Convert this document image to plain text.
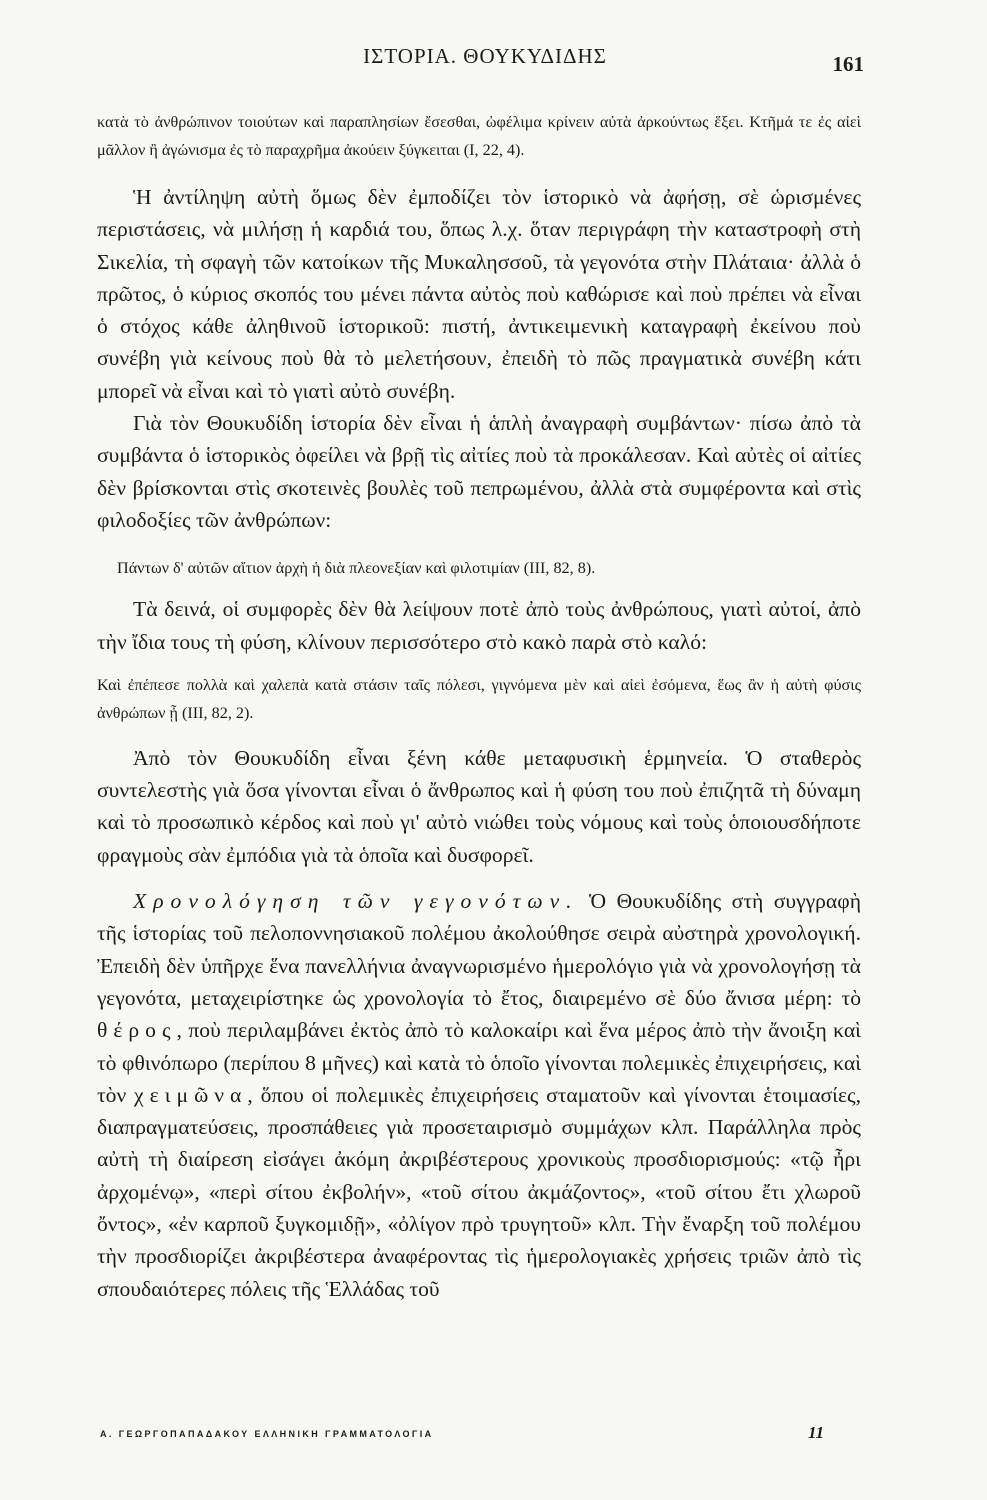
ΙΣΤΟΡΙΑ. ΘΟΥΚΥΔΙΔΗΣ	161

κατὰ τὸ ἀνθρώπινον τοιούτων καὶ παραπλησίων ἔσεσθαι, ὠφέλιμα κρίνειν αὐτὰ ἀρκούντως ἕξει. Κτῆμά τε ἐς αἰεὶ μᾶλλον ἢ ἀγώνισμα ἐς τὸ παραχρῆμα ἀκούειν ξύγκειται (Ι, 22, 4).

Ἡ ἀντίληψη αὐτὴ ὅμως δὲν ἐμποδίζει τὸν ἱστορικὸ νὰ ἀφήσῃ, σὲ ὡρισμένες περιστάσεις, νὰ μιλήσῃ ἡ καρδιά του, ὅπως λ.χ. ὅταν περιγράφη τὴν καταστροφὴ στὴ Σικελία, τὴ σφαγὴ τῶν κατοίκων τῆς Μυκαλησσοῦ, τὰ γεγονότα στὴν Πλάταια· ἀλλὰ ὁ πρῶτος, ὁ κύριος σκοπός του μένει πάντα αὐτὸς ποὺ καθώρισε καὶ ποὺ πρέπει νὰ εἶναι ὁ στόχος κάθε ἀληθινοῦ ἱστορικοῦ: πιστή, ἀντικειμενικὴ καταγραφὴ ἐκείνου ποὺ συνέβη γιὰ κείνους ποὺ θὰ τὸ μελετήσουν, ἐπειδὴ τὸ πῶς πραγματικὰ συνέβη κάτι μπορεῖ νὰ εἶναι καὶ τὸ γιατὶ αὐτὸ συνέβη.

Γιὰ τὸν Θουκυδίδη ἱστορία δὲν εἶναι ἡ ἁπλὴ ἀναγραφὴ συμβάντων· πίσω ἀπὸ τὰ συμβάντα ὁ ἱστορικὸς ὀφείλει νὰ βρῇ τὶς αἰτίες ποὺ τὰ προκάλεσαν. Καὶ αὐτὲς οἱ αἰτίες δὲν βρίσκονται στὶς σκοτεινὲς βουλὲς τοῦ πεπρωμένου, ἀλλὰ στὰ συμφέροντα καὶ στὶς φιλοδοξίες τῶν ἀνθρώπων:

Πάντων δ' αὐτῶν αἴτιον ἀρχὴ ἡ διὰ πλεονεξίαν καὶ φιλοτιμίαν (ΙΙΙ, 82, 8).

Τὰ δεινά, οἱ συμφορὲς δὲν θὰ λείψουν ποτὲ ἀπὸ τοὺς ἀνθρώπους, γιατὶ αὐτοί, ἀπὸ τὴν ἴδια τους τὴ φύση, κλίνουν περισσότερο στὸ κακὸ παρὰ στὸ καλό:

Καὶ ἐπέπεσε πολλὰ καὶ χαλεπὰ κατὰ στάσιν ταῖς πόλεσι, γιγνόμενα μὲν καὶ αἰεὶ ἐσόμενα, ἕως ἂν ἡ αὐτὴ φύσις ἀνθρώπων ᾖ (ΙΙΙ, 82, 2).

Ἀπὸ τὸν Θουκυδίδη εἶναι ξένη κάθε μεταφυσικὴ ἑρμηνεία. Ὁ σταθερὸς συντελεστὴς γιὰ ὅσα γίνονται εἶναι ὁ ἄνθρωπος καὶ ἡ φύση του ποὺ ἐπιζητᾶ τὴ δύναμη καὶ τὸ προσωπικὸ κέρδος καὶ ποὺ γι' αὐτὸ νιώθει τοὺς νόμους καὶ τοὺς ὁποιουσδήποτε φραγμοὺς σὰν ἐμπόδια γιὰ τὰ ὁποῖα καὶ δυσφορεῖ.

Χρονολόγηση τῶν γεγονότων. Ὁ Θουκυδίδης στὴ συγγραφὴ τῆς ἱστορίας τοῦ πελοποννησιακοῦ πολέμου ἀκολούθησε σειρὰ αὐστηρὰ χρονολογική. Ἐπειδὴ δὲν ὑπῆρχε ἕνα πανελλήνια ἀναγνωρισμένο ἡμερολόγιο γιὰ νὰ χρονολογήσῃ τὰ γεγονότα, μεταχειρίστηκε ὡς χρονολογία τὸ ἔτος, διαιρεμένο σὲ δύο ἄνισα μέρη: τὸ θέρος, ποὺ περιλαμβάνει ἐκτὸς ἀπὸ τὸ καλοκαίρι καὶ ἕνα μέρος ἀπὸ τὴν ἄνοιξη καὶ τὸ φθινόπωρο (περίπου 8 μῆνες) καὶ κατὰ τὸ ὁποῖο γίνονται πολεμικὲς ἐπιχειρήσεις, καὶ τὸν χειμῶνα, ὅπου οἱ πολεμικὲς ἐπιχειρήσεις σταματοῦν καὶ γίνονται ἑτοιμασίες, διαπραγματεύσεις, προσπάθειες γιὰ προσεταιρισμὸ συμμάχων κλπ. Παράλληλα πρὸς αὐτὴ τὴ διαίρεση εἰσάγει ἀκόμη ἀκριβέστερους χρονικοὺς προσδιορισμούς: «τῷ ἦρι ἀρχομένῳ», «περὶ σίτου ἐκβολήν», «τοῦ σίτου ἀκμάζοντος», «τοῦ σίτου ἔτι χλωροῦ ὄντος», «ἐν καρποῦ ξυγκομιδῇ», «ὀλίγον πρὸ τρυγητοῦ» κλπ. Τὴν ἔναρξη τοῦ πολέμου τὴν προσδιορίζει ἀκριβέστερα ἀναφέροντας τὶς ἡμερολογιακὲς χρήσεις τριῶν ἀπὸ τὶς σπουδαιότερες πόλεις τῆς Ἑλλάδας τοῦ

Α. ΓΕΩΡΓΟΠΑΠΑΔΑΚΟΥ ΕΛΛΗΝΙΚΗ ΓΡΑΜΜΑΤΟΛΟΓΙΑ	11
